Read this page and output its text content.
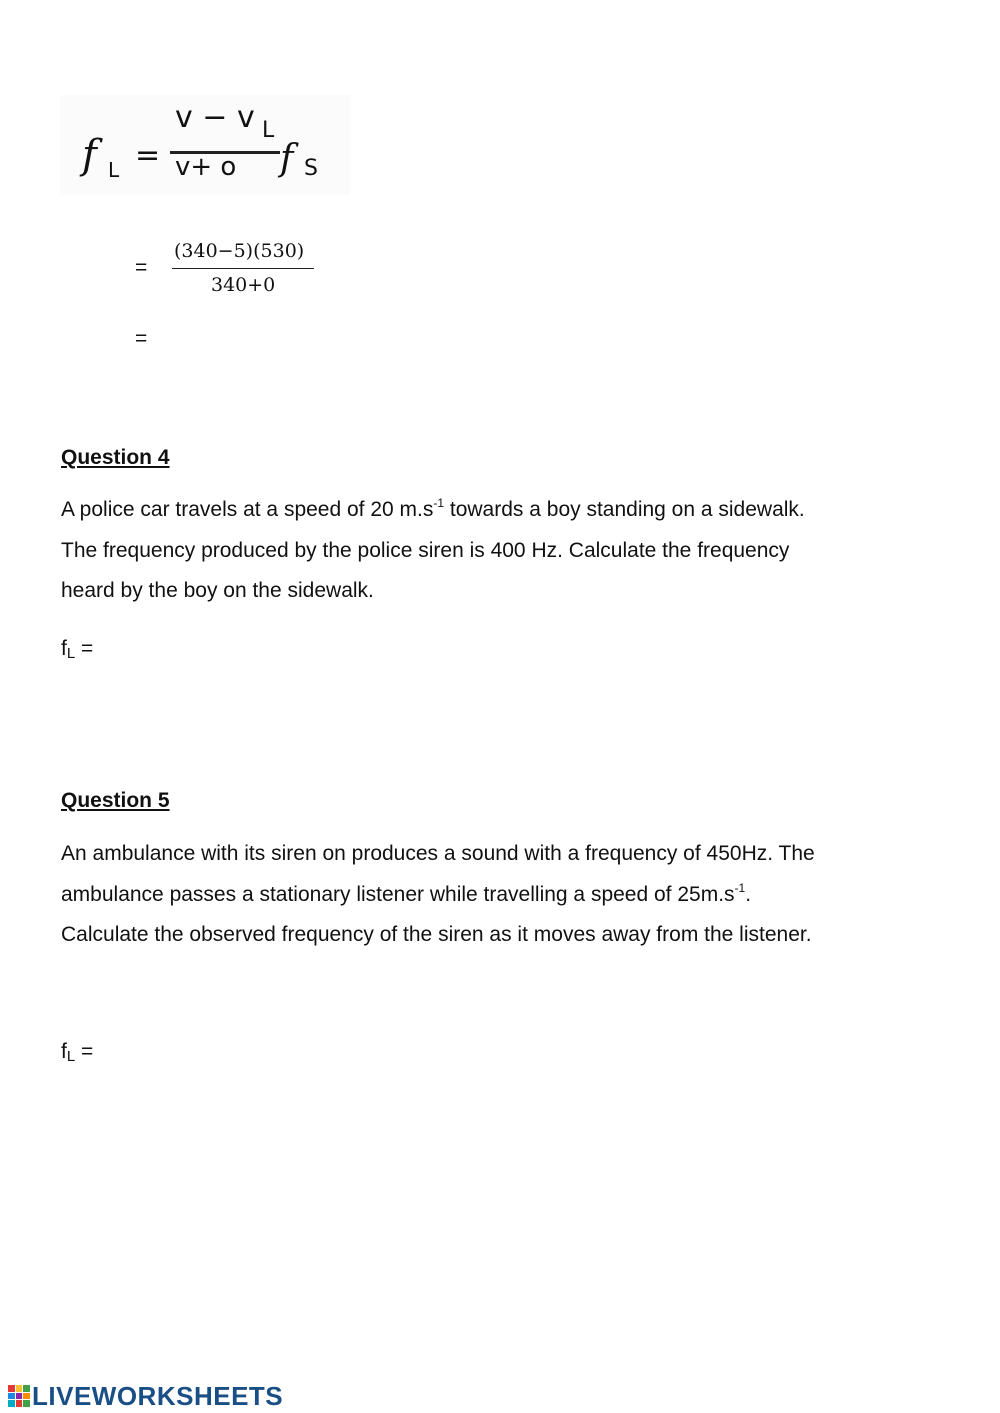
f L =
v − v L
v+ o f S
=
(340−5)(530)
340+0
=
Question 4
A police car travels at a speed of 20 $m.s^{-1}$ towards a boy standing on a sidewalk.
The frequency produced by the police siren is 400 Hz. Calculate the frequency
heard by the boy on the sidewalk.
$f_L$ =
Question 5
An ambulance with its siren on produces a sound with a frequency of 450Hz. The
ambulance passes a stationary listener while travelling a speed of $25m.s^{-1}$.
Calculate the observed frequency of the siren as it moves away from the listener.
$f_L$ =
LIVEWORKSHEETS
